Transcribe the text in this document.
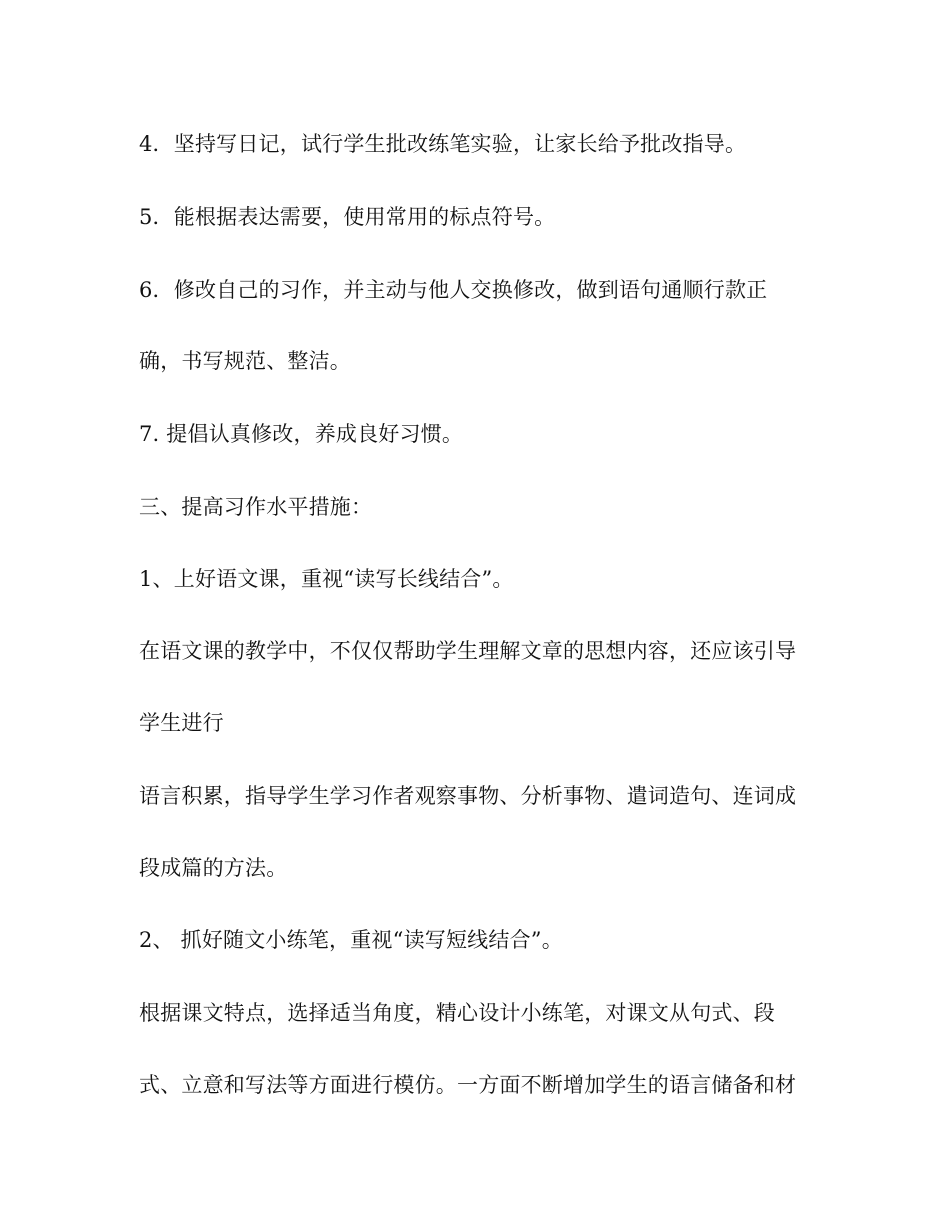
4．坚持写日记，试行学生批改练笔实验，让家长给予批改指导。
5．能根据表达需要，使用常用的标点符号。
6．修改自己的习作，并主动与他人交换修改，做到语句通顺行款正
确，书写规范、整洁。
7. 提倡认真修改，养成良好习惯。
三、提高习作水平措施：
1、上好语文课，重视“读写长线结合”。
在语文课的教学中，不仅仅帮助学生理解文章的思想内容，还应该引导
学生进行
语言积累，指导学生学习作者观察事物、分析事物、遣词造句、连词成
段成篇的方法。
2、 抓好随文小练笔，重视“读写短线结合”。
根据课文特点，选择适当角度，精心设计小练笔，对课文从句式、段
式、立意和写法等方面进行模仿。一方面不断增加学生的语言储备和材
